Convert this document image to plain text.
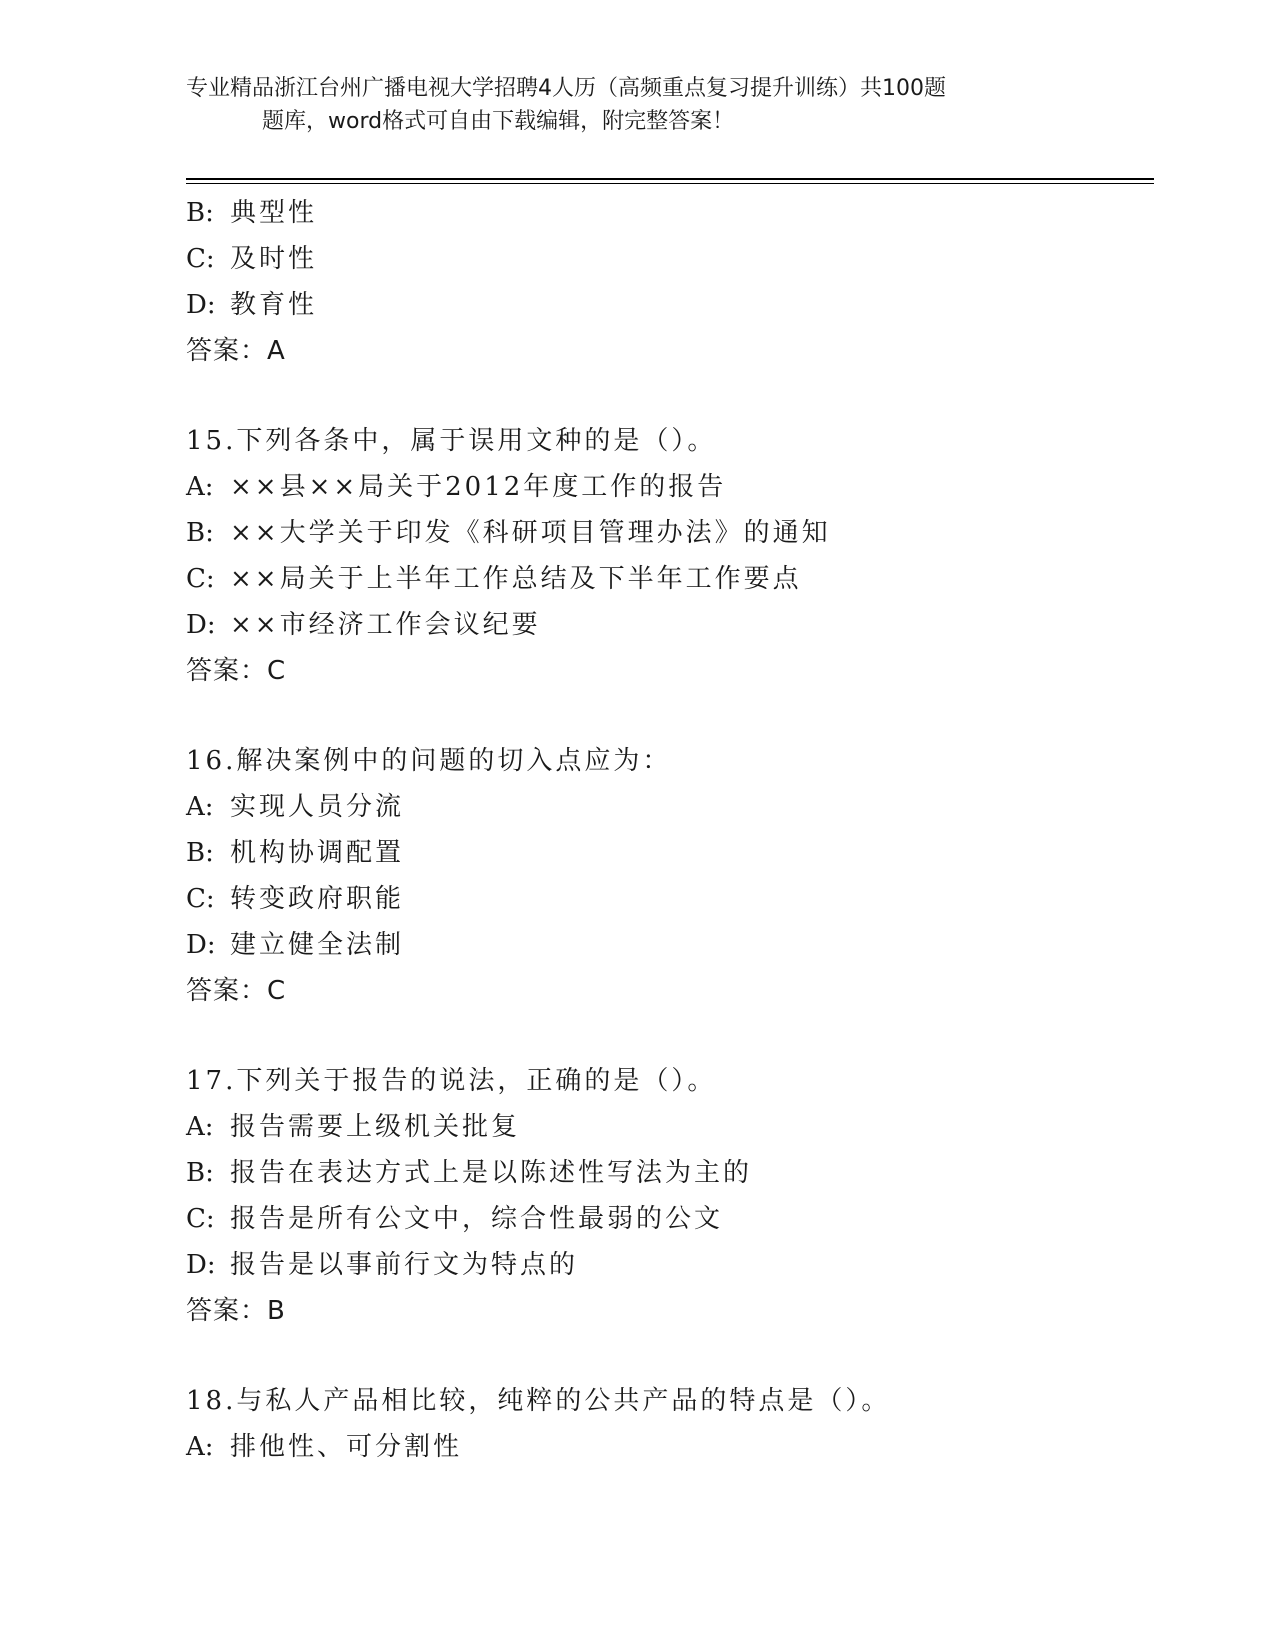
专业精品浙江台州广播电视大学招聘4人历（高频重点复习提升训练）共100题
题库，word格式可自由下载编辑，附完整答案！
B: 典型性
C: 及时性
D: 教育性
答案：A
15.下列各条中，属于误用文种的是（）。
A: ××县××局关于2012年度工作的报告
B: ××大学关于印发《科研项目管理办法》的通知
C: ××局关于上半年工作总结及下半年工作要点
D: ××市经济工作会议纪要
答案：C
16.解决案例中的问题的切入点应为：
A: 实现人员分流
B: 机构协调配置
C: 转变政府职能
D: 建立健全法制
答案：C
17.下列关于报告的说法，正确的是（）。
A: 报告需要上级机关批复
B: 报告在表达方式上是以陈述性写法为主的
C: 报告是所有公文中，综合性最弱的公文
D: 报告是以事前行文为特点的
答案：B
18.与私人产品相比较，纯粹的公共产品的特点是（）。
A: 排他性、可分割性
